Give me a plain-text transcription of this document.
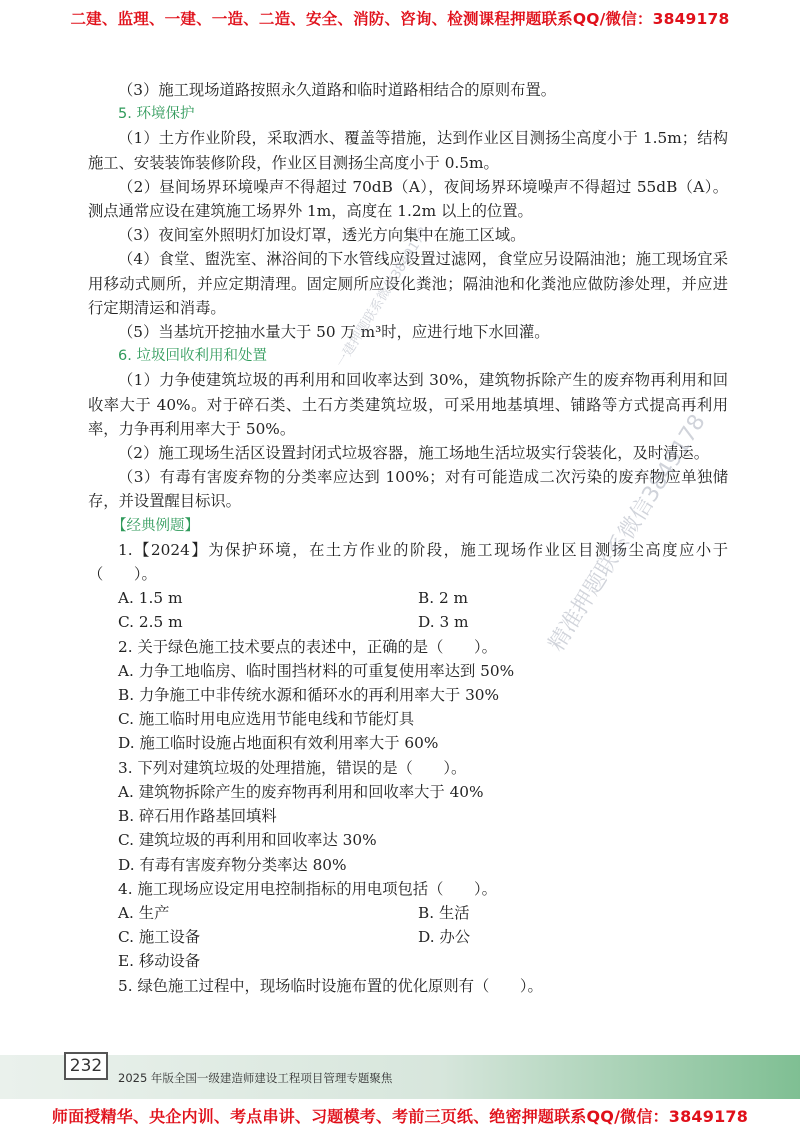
二建、监理、一建、一造、二造、安全、消防、咨询、检测课程押题联系QQ/微信：3849178

（3）施工现场道路按照永久道路和临时道路相结合的原则布置。

5. 环境保护

（1）土方作业阶段，采取洒水、覆盖等措施，达到作业区目测扬尘高度小于 1.5m；结构施工、安装装饰装修阶段，作业区目测扬尘高度小于 0.5m。

（2）昼间场界环境噪声不得超过 70dB（A），夜间场界环境噪声不得超过 55dB（A）。测点通常应设在建筑施工场界外 1m，高度在 1.2m 以上的位置。

（3）夜间室外照明灯加设灯罩，透光方向集中在施工区域。

（4）食堂、盥洗室、淋浴间的下水管线应设置过滤网，食堂应另设隔油池；施工现场宜采用移动式厕所，并应定期清理。固定厕所应设化粪池；隔油池和化粪池应做防渗处理，并应进行定期清运和消毒。

（5）当基坑开挖抽水量大于 50 万 m³时，应进行地下水回灌。

6. 垃圾回收利用和处置

（1）力争使建筑垃圾的再利用和回收率达到 30%，建筑物拆除产生的废弃物再利用和回收率大于 40%。对于碎石类、土石方类建筑垃圾，可采用地基填埋、铺路等方式提高再利用率，力争再利用率大于 50%。

（2）施工现场生活区设置封闭式垃圾容器，施工场地生活垃圾实行袋装化，及时清运。

（3）有毒有害废弃物的分类率应达到 100%；对有可能造成二次污染的废弃物应单独储存，并设置醒目标识。

【经典例题】

1.【2024】为保护环境，在土方作业的阶段，施工现场作业区目测扬尘高度应小于（　　）。

A. 1.5 m	B. 2 m
C. 2.5 m	D. 3 m

2. 关于绿色施工技术要点的表述中，正确的是（　　）。

A. 力争工地临房、临时围挡材料的可重复使用率达到 50%

B. 力争施工中非传统水源和循环水的再利用率大于 30%

C. 施工临时用电应选用节能电线和节能灯具

D. 施工临时设施占地面积有效利用率大于 60%

3. 下列对建筑垃圾的处理措施，错误的是（　　）。

A. 建筑物拆除产生的废弃物再利用和回收率大于 40%

B. 碎石用作路基回填料

C. 建筑垃圾的再利用和回收率达 30%

D. 有毒有害废弃物分类率达 80%

4. 施工现场应设定用电控制指标的用电项包括（　　）。

A. 生产	B. 生活
C. 施工设备	D. 办公

E. 移动设备

5. 绿色施工过程中，现场临时设施布置的优化原则有（　　）。

精准押题联系微信3849178
一建押题联系微信3849178
232
2025 年版全国一级建造师建设工程项目管理专题聚焦
师面授精华、央企内训、考点串讲、习题模考、考前三页纸、绝密押题联系QQ/微信：3849178
